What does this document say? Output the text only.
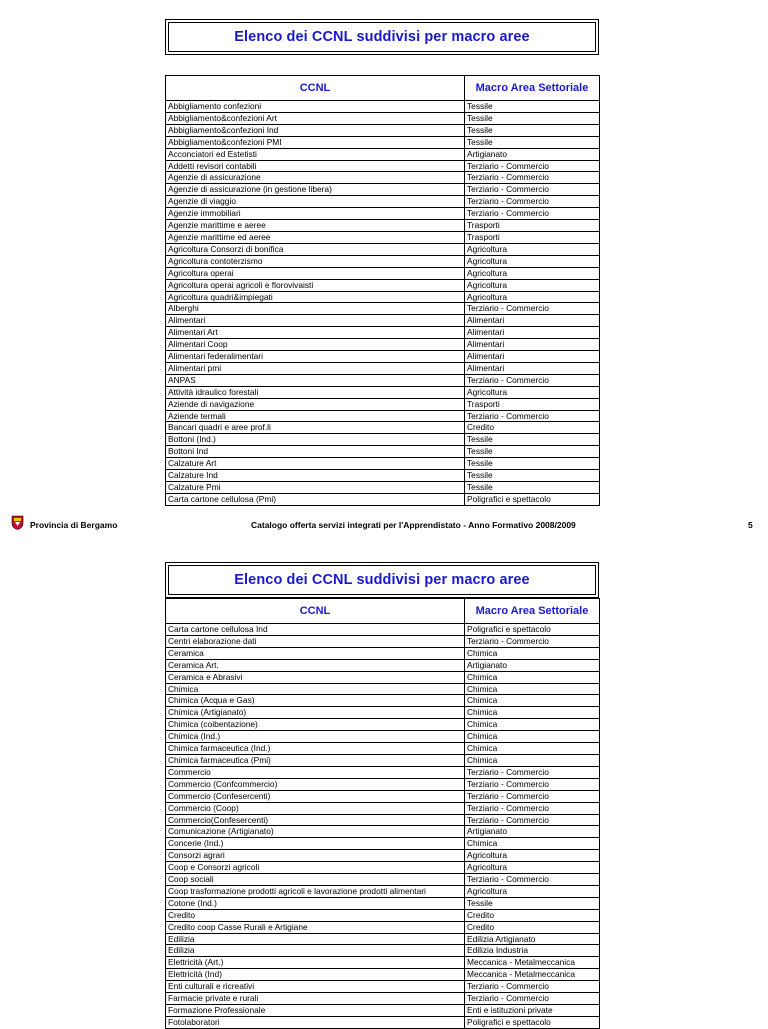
Elenco dei CCNL suddivisi per macro aree
CCNL	Macro Area Settoriale
Abbigliamento confezioni	Tessile
Abbigliamento&confezioni Art	Tessile
Abbigliamento&confezioni Ind	Tessile
Abbigliamento&confezioni PMI	Tessile
Acconciatori ed Estetisti	Artigianato
Addetti revisori contabili	Terziario - Commercio
Agenzie di assicurazione	Terziario - Commercio
Agenzie di assicurazione (in gestione libera)	Terziario - Commercio
Agenzie di viaggio	Terziario - Commercio
Agenzie immobiliari	Terziario - Commercio
Agenzie marittime e aeree	Trasporti
Agenzie marittime ed aeree	Trasporti
Agricoltura Consorzi di bonifica	Agricoltura
Agricoltura contoterzismo	Agricoltura
Agricoltura operai	Agricoltura
Agricoltura operai agricoli e florovivaisti	Agricoltura
Agricoltura quadri&impiegati	Agricoltura
Alberghi	Terziario - Commercio
Alimentari	Alimentari
Alimentari Art	Alimentari
Alimentari Coop	Alimentari
Alimentari federalimentari	Alimentari
Alimentari pmi	Alimentari
ANPAS	Terziario - Commercio
Attività idraulico forestali	Agricoltura
Aziende di navigazione	Trasporti
Aziende termali	Terziario - Commercio
Bancari quadri e aree prof.li	Credito
Bottoni (Ind.)	Tessile
Bottoni Ind	Tessile
Calzature Art	Tessile
Calzature Ind	Tessile
Calzature Pmi	Tessile
Carta cartone cellulosa (Pmi)	Poligrafici e spettacolo
Provincia di Bergamo	Catalogo offerta servizi integrati per l'Apprendistato - Anno Formativo 2008/2009	5
Elenco dei CCNL suddivisi per macro aree
CCNL	Macro Area Settoriale
Carta cartone cellulosa Ind	Poligrafici e spettacolo
Centri elaborazione dati	Terziario - Commercio
Ceramica	Chimica
Ceramica Art.	Artigianato
Ceramica e Abrasivi	Chimica
Chimica	Chimica
Chimica (Acqua e Gas)	Chimica
Chimica (Artigianato)	Chimica
Chimica (coibentazione)	Chimica
Chimica (Ind.)	Chimica
Chimica farmaceutica (Ind.)	Chimica
Chimica farmaceutica (Pmi)	Chimica
Commercio	Terziario - Commercio
Commercio (Confcommercio)	Terziario - Commercio
Commercio (Confesercenti)	Terziario - Commercio
Commercio (Coop)	Terziario - Commercio
Commercio(Confesercenti)	Terziario - Commercio
Comunicazione (Artigianato)	Artigianato
Concerie (Ind.)	Chimica
Consorzi agrari	Agricoltura
Coop e Consorzi agricoli	Agricoltura
Coop sociali	Terziario - Commercio
Coop trasformazione prodotti agricoli e lavorazione prodotti alimentari	Agricoltura
Cotone (Ind.)	Tessile
Credito	Credito
Credito coop Casse Rurali e Artigiane	Credito
Edilizia	Edilizia Artigianato
Edilizia	Edilizia Industria
Elettricità (Art.)	Meccanica - Metalmeccanica
Elettricità (Ind)	Meccanica - Metalmeccanica
Enti culturali e ricreativi	Terziario - Commercio
Farmacie private e rurali	Terziario - Commercio
Formazione Professionale	Enti e istituzioni private
Fotolaboratori	Poligrafici e spettacolo
